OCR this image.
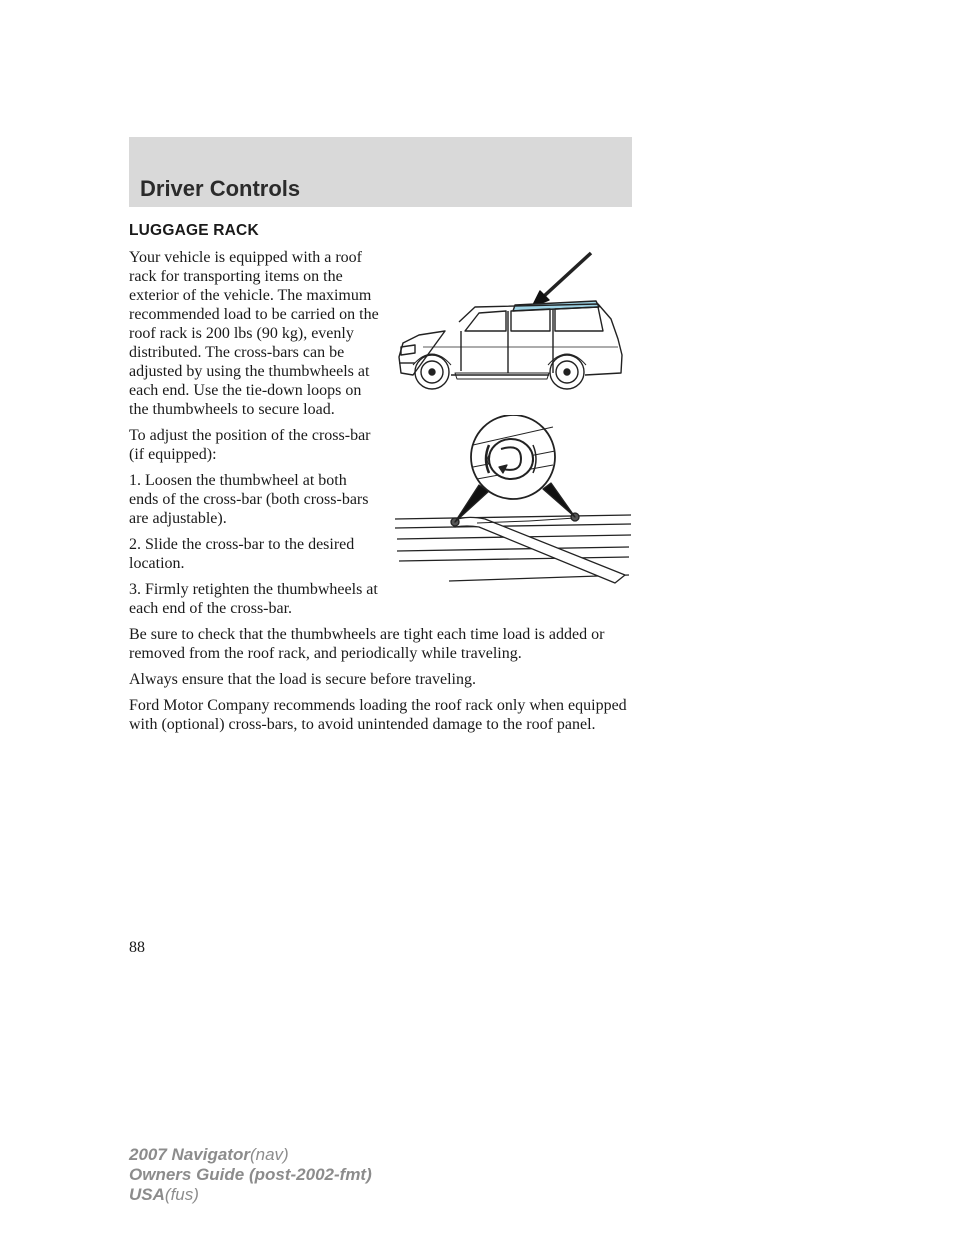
Driver Controls
LUGGAGE RACK

Your vehicle is equipped with a roof rack for transporting items on the exterior of the vehicle. The maximum recommended load to be carried on the roof rack is 200 lbs (90 kg), evenly distributed. The cross-bars can be adjusted by using the thumbwheels at each end. Use the tie-down loops on the thumbwheels to secure load.

To adjust the position of the cross-bar (if equipped):

1. Loosen the thumbwheel at both ends of the cross-bar (both cross-bars are adjustable).

2. Slide the cross-bar to the desired location.

3. Firmly retighten the thumbwheels at each end of the cross-bar.

Be sure to check that the thumbwheels are tight each time load is added or removed from the roof rack, and periodically while traveling.

Always ensure that the load is secure before traveling.

Ford Motor Company recommends loading the roof rack only when equipped with (optional) cross-bars, to avoid unintended damage to the roof panel.

(	)
88
2007 Navigator(nav)
Owners Guide (post-2002-fmt)
USA(fus)
